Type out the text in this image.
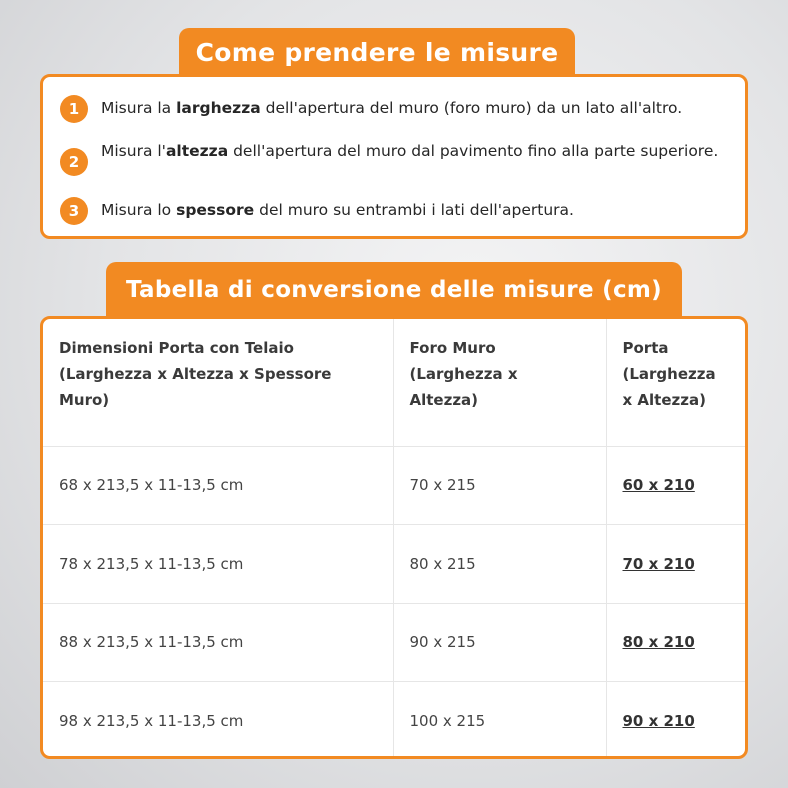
Come prendere le misure
1	Misura la larghezza dell'apertura del muro (foro muro) da un lato all'altro.
2
Misura l'altezza dell'apertura del muro dal pavimento fino alla parte superiore.
3	Misura lo spessore del muro su entrambi i lati dell'apertura.
Tabella di conversione delle misure (cm)
Dimensioni Porta con Telaio (Larghezza x Altezza x Spessore Muro)	Foro Muro (Larghezza x Altezza)	Porta (Larghezza x Altezza)
68 x 213,5 x 11-13,5 cm	70 x 215	60 x 210
78 x 213,5 x 11-13,5 cm	80 x 215	70 x 210
88 x 213,5 x 11-13,5 cm	90 x 215	80 x 210
98 x 213,5 x 11-13,5 cm	100 x 215	90 x 210
